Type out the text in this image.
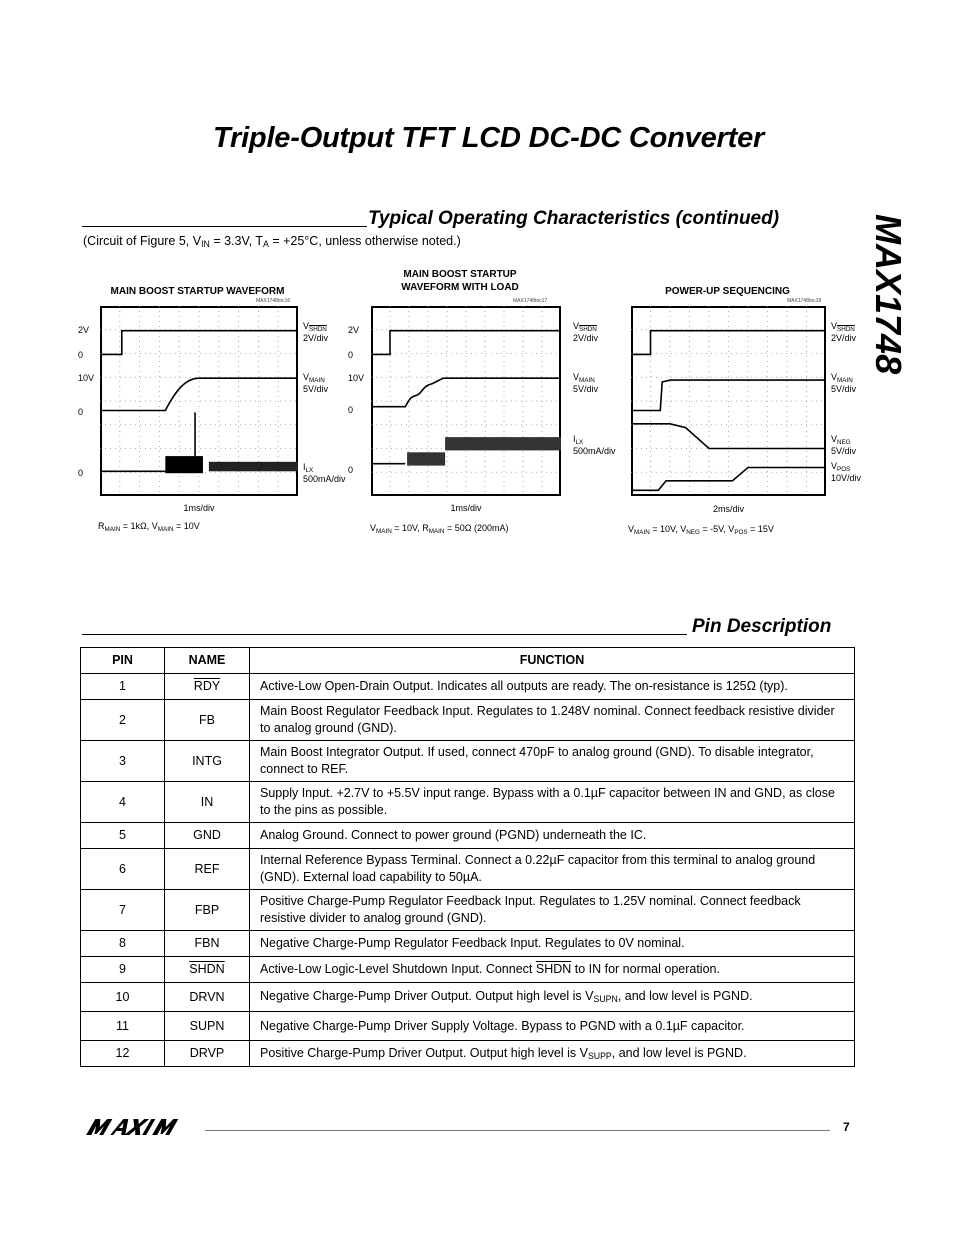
Triple-Output TFT LCD DC-DC Converter
MAX1748
Typical Operating Characteristics (continued)
(Circuit of Figure 5, $V_{IN} = 3.3V$, $T_A = +25^\circ C$, unless otherwise noted.)
MAIN BOOST STARTUP WAVEFORM
MAX1748toc16
2V
0
10V
0
0
$V_{SHDN}$
2V/div
$V_{MAIN}$
5V/div
$I_{LX}$
500mA/div
1ms/div
$R_{MAIN} = 1k\Omega$, $V_{MAIN} = 10V$
MAIN BOOST STARTUP
WAVEFORM WITH LOAD
MAX1748toc17
2V
0
10V
0
0
$V_{SHDN}$
2V/div
$V_{MAIN}$
5V/div
$I_{LX}$
500mA/div
1ms/div
$V_{MAIN} = 10V$, $R_{MAIN} = 50\Omega$ (200mA)
POWER-UP SEQUENCING
MAX1748toc18
$V_{SHDN}$
2V/div
$V_{MAIN}$
5V/div
$V_{NEG}$
5V/div
$V_{POS}$
10V/div
2ms/div
$V_{MAIN} = 10V$, $V_{NEG} = -5V$, $V_{POS} = 15V$
Pin Description
PIN	NAME	FUNCTION
1	$\overline{RDY}$	Active-Low Open-Drain Output. Indicates all outputs are ready. The on-resistance is 125Ω (typ).
2	FB	Main Boost Regulator Feedback Input. Regulates to 1.248V nominal. Connect feedback resistive divider to analog ground (GND).
3	INTG	Main Boost Integrator Output. If used, connect 470pF to analog ground (GND). To disable integrator, connect to REF.
4	IN	Supply Input. +2.7V to +5.5V input range. Bypass with a 0.1µF capacitor between IN and GND, as close to the pins as possible.
5	GND	Analog Ground. Connect to power ground (PGND) underneath the IC.
6	REF	Internal Reference Bypass Terminal. Connect a 0.22µF capacitor from this terminal to analog ground (GND). External load capability to 50µA.
7	FBP	Positive Charge-Pump Regulator Feedback Input. Regulates to 1.25V nominal. Connect feedback resistive divider to analog ground (GND).
8	FBN	Negative Charge-Pump Regulator Feedback Input. Regulates to 0V nominal.
9	SHDN	Active-Low Logic-Level Shutdown Input. Connect SHDN to IN for normal operation.
10	DRVN	Negative Charge-Pump Driver Output. Output high level is $V_{SUPN}$, and low level is PGND.
11	SUPN	Negative Charge-Pump Driver Supply Voltage. Bypass to PGND with a 0.1µF capacitor.
12	DRVP	Positive Charge-Pump Driver Output. Output high level is $V_{SUPP}$, and low level is PGND.
7
